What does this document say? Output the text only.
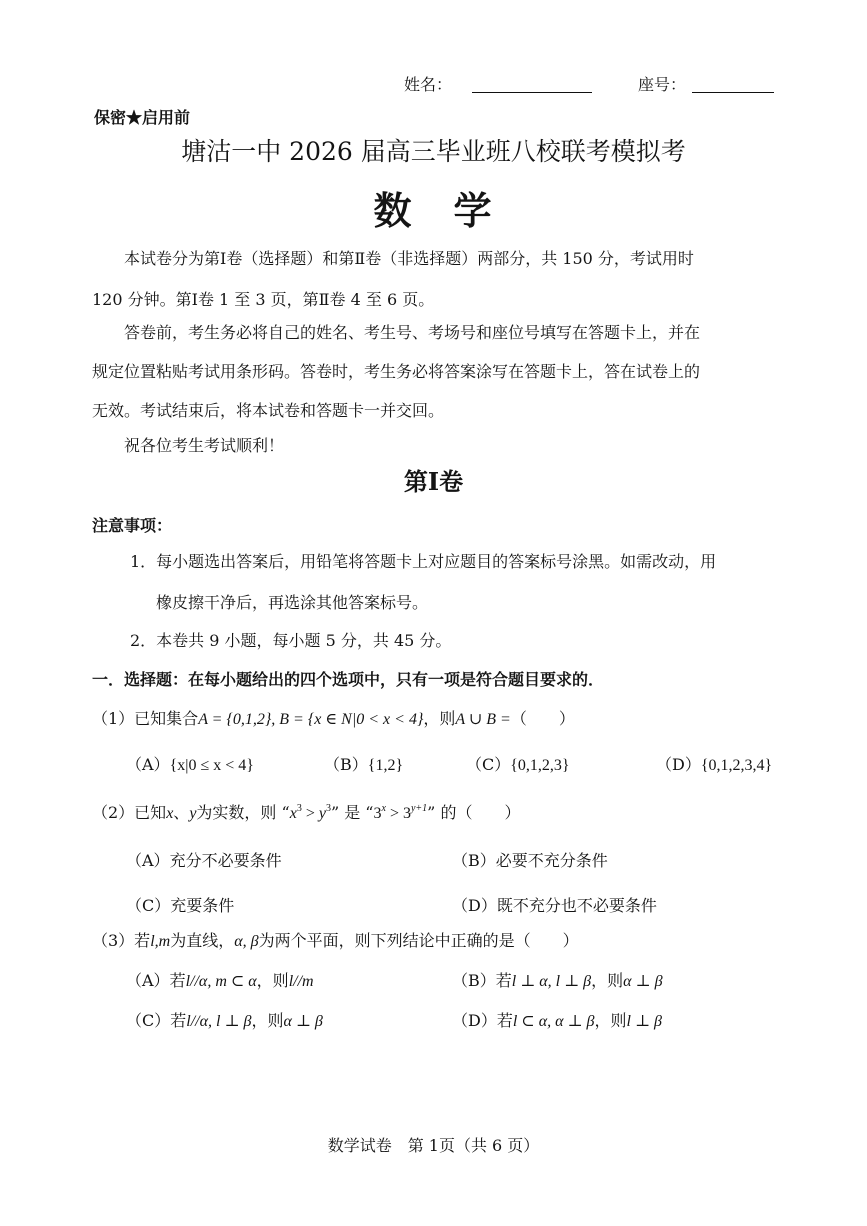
姓名：	座号：
保密★启用前
塘沽一中 2026 届高三毕业班八校联考模拟考
数　学
本试卷分为第Ⅰ卷（选择题）和第Ⅱ卷（非选择题）两部分，共 150 分，考试用时
120 分钟。第Ⅰ卷 1 至 3 页，第Ⅱ卷 4 至 6 页。
答卷前，考生务必将自己的姓名、考生号、考场号和座位号填写在答题卡上，并在
规定位置粘贴考试用条形码。答卷时，考生务必将答案涂写在答题卡上，答在试卷上的
无效。考试结束后，将本试卷和答题卡一并交回。
祝各位考生考试顺利！
第Ⅰ卷
注意事项：
1．每小题选出答案后，用铅笔将答题卡上对应题目的答案标号涂黑。如需改动，用
橡皮擦干净后，再选涂其他答案标号。
2．本卷共 9 小题，每小题 5 分，共 45 分。
一．选择题：在每小题给出的四个选项中，只有一项是符合题目要求的．
（1）已知集合A = {0,1,2}, B = {x ∈ N|0 < x < 4}，则A ∪ B =（　　）
（A）{x|0 ≤ x < 4}	（B）{1,2}	（C）{0,1,2,3}	（D）{0,1,2,3,4}
（2）已知x、y为实数，则 “$x^3 > y^3$” 是 “$3^x > 3^{y+1}$” 的（　　）
（A）充分不必要条件	（B）必要不充分条件
（C）充要条件	（D）既不充分也不必要条件
（3）若l,m为直线，α, β为两个平面，则下列结论中正确的是（　　）
（A）若l//α, m ⊂ α，则l//m	（B）若l ⊥ α, l ⊥ β，则α ⊥ β
（C）若l//α, l ⊥ β，则α ⊥ β	（D）若l ⊂ α, α ⊥ β，则l ⊥ β
数学试卷　第 1页（共 6 页）
